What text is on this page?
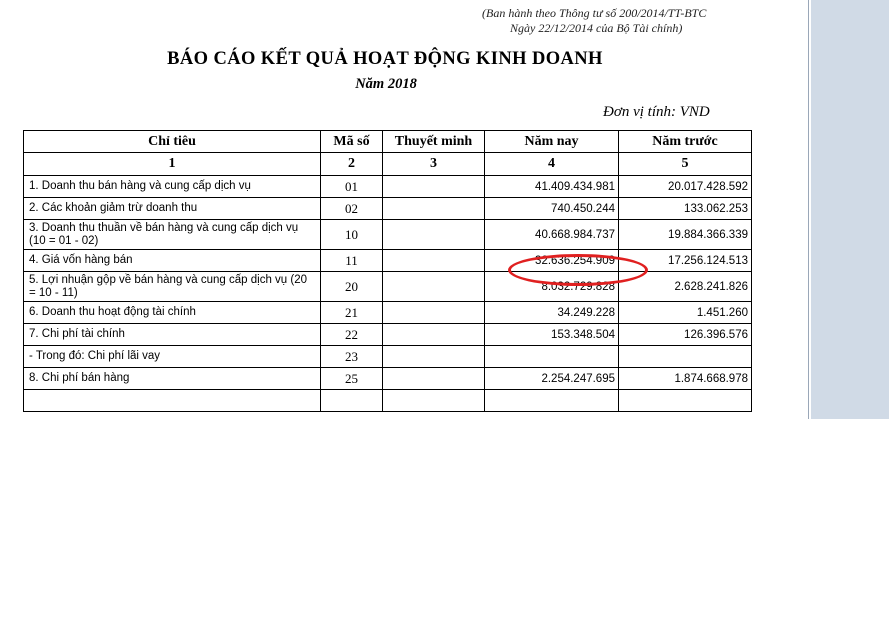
(Ban hành theo Thông tư số 200/2014/TT-BTC
Ngày 22/12/2014 của Bộ Tài chính)
BÁO CÁO KẾT QUẢ HOẠT ĐỘNG KINH DOANH
Năm 2018
Đơn vị tính: VND
Chỉ tiêu	Mã số	Thuyết minh	Năm nay	Năm trước
1	2	3	4	5
1. Doanh thu bán hàng và cung cấp dịch vụ	01		41.409.434.981	20.017.428.592
2. Các khoản giảm trừ doanh thu	02		740.450.244	133.062.253
3. Doanh thu thuần về bán hàng và cung cấp dịch vụ (10 = 01 - 02)	10		40.668.984.737	19.884.366.339
4. Giá vốn hàng bán	11		32.636.254.909	17.256.124.513
5. Lợi nhuận gộp về bán hàng và cung cấp dịch vụ (20 = 10 - 11)	20		8.032.729.828	2.628.241.826
6. Doanh thu hoạt động tài chính	21		34.249.228	1.451.260
7. Chi phí tài chính	22		153.348.504	126.396.576
- Trong đó: Chi phí lãi vay	23			
8. Chi phí bán hàng	25		2.254.247.695	1.874.668.978
